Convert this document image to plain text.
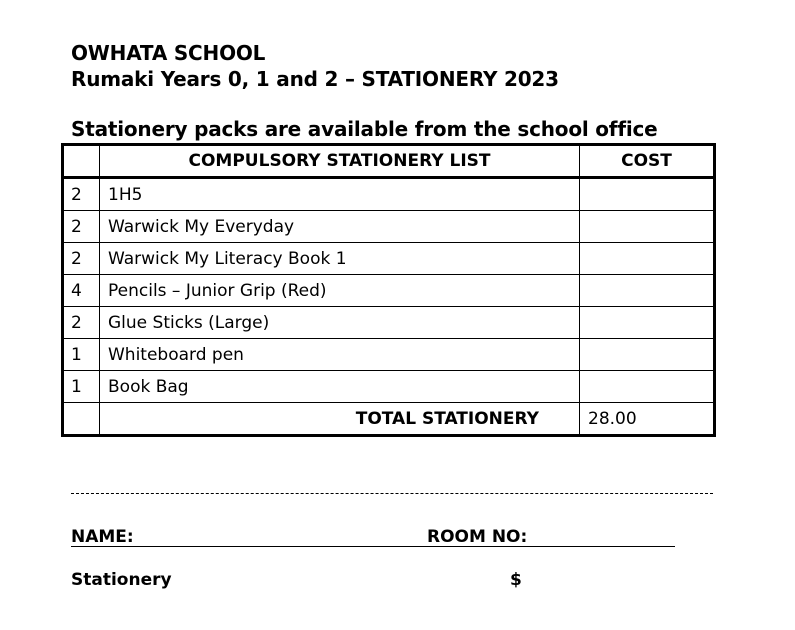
OWHATA SCHOOL
Rumaki Years 0, 1 and 2 – STATIONERY 2023
Stationery packs are available from the school office
	COMPULSORY STATIONERY LIST	COST
2	1H5	
2	Warwick My Everyday	
2	Warwick My Literacy Book 1	
4	Pencils – Junior Grip (Red)	
2	Glue Sticks (Large)	
1	Whiteboard pen	
1	Book Bag	
	TOTAL STATIONERY	28.00
NAME:	ROOM NO:
Stationery	$
